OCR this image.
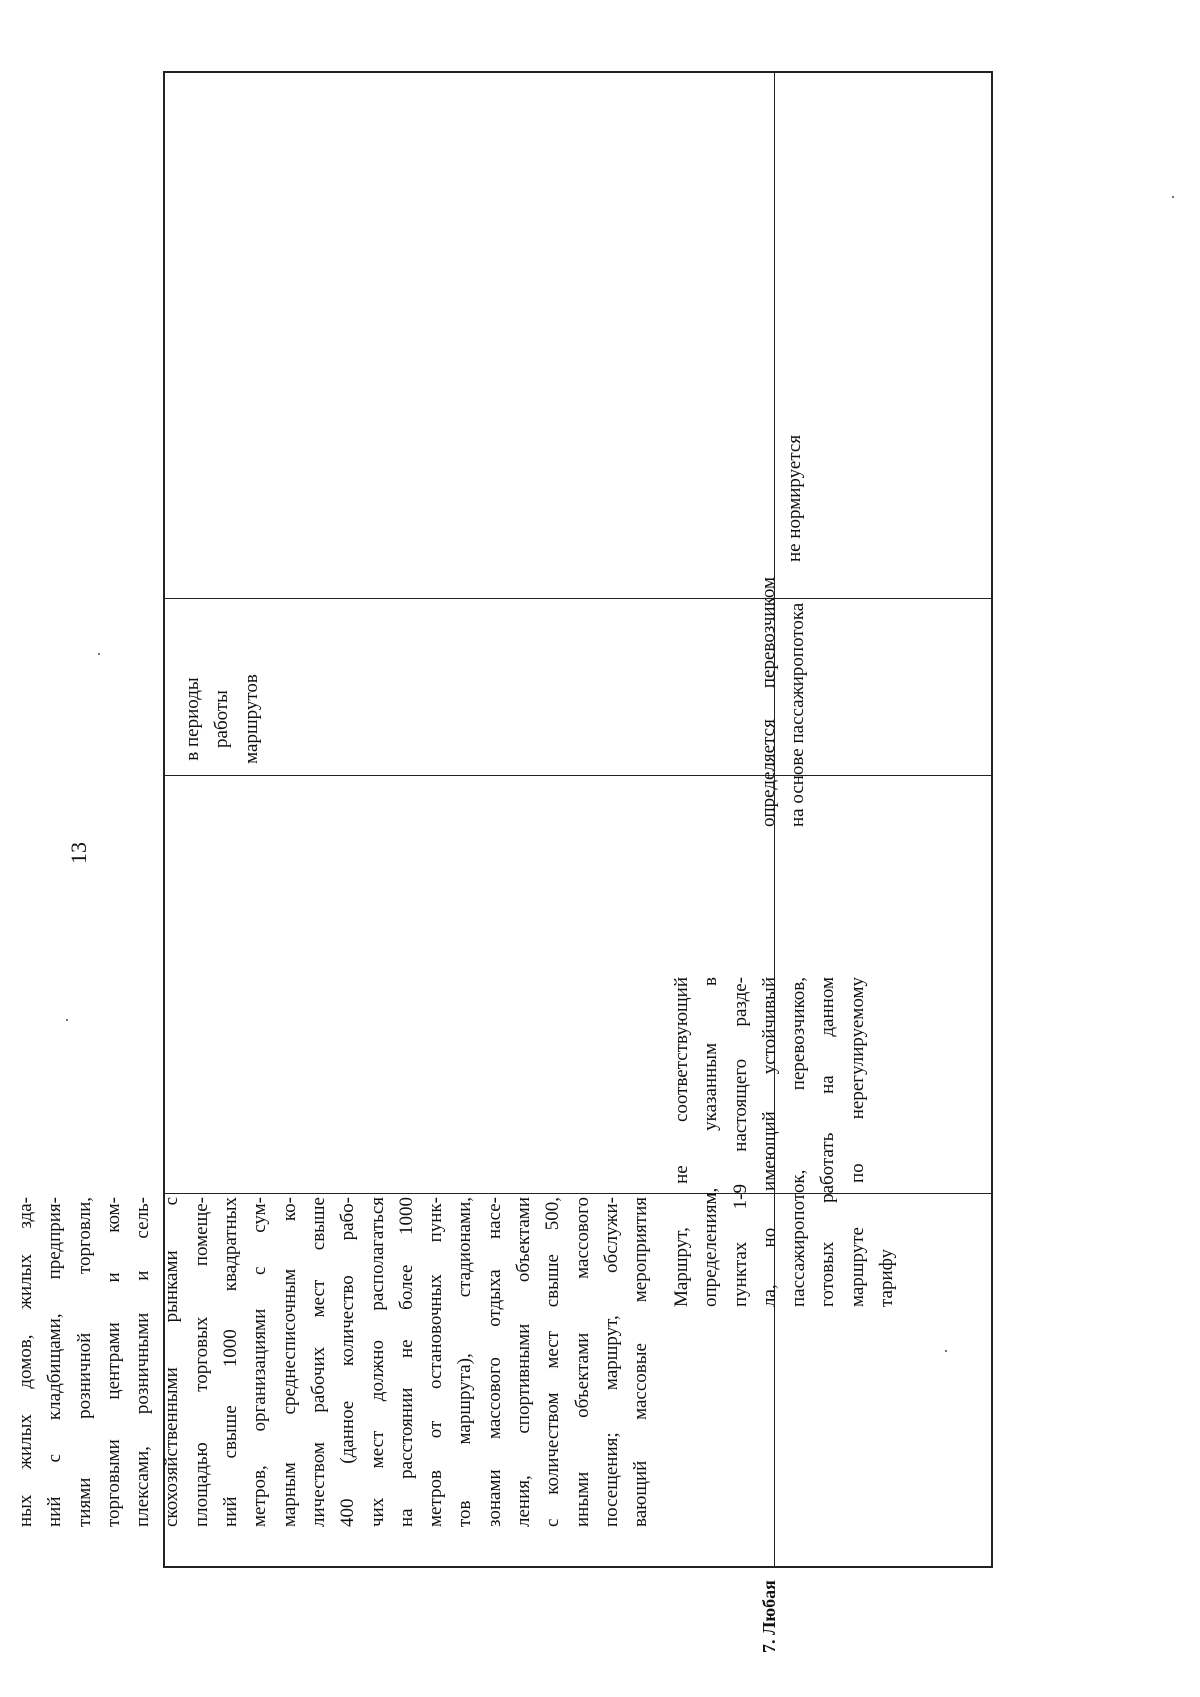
13
7. Любая
ных жилых домов, жилых зда- ний с кладбищами, предприя- тиями розничной торговли, торговыми центрами и ком- плексами, розничными и сель- скохозяйственными рынками с площадью торговых помеще- ний свыше 1000 квадратных метров, организациями с сум- марным среднесписочным ко- личеством рабочих мест свыше 400 (данное количество рабо- чих мест должно располагаться на расстоянии не более 1000 метров от остановочных пунк- тов маршрута), стадионами, зонами массового отдыха насе- ления, спортивными объектами с количеством мест свыше 500, иными объектами массового посещения; маршрут, обслужи- вающий массовые мероприятия
Маршрут, не соответствующий определениям, указанным в пунктах 1-9 настоящего разде- ла, но имеющий устойчивый пассажиропоток, перевозчиков, готовых работать на данном маршруте по нерегулируемому тарифу
в периоды работы маршрутов	определяется перевозчиком на основе пассажиропотока
не нормируется
